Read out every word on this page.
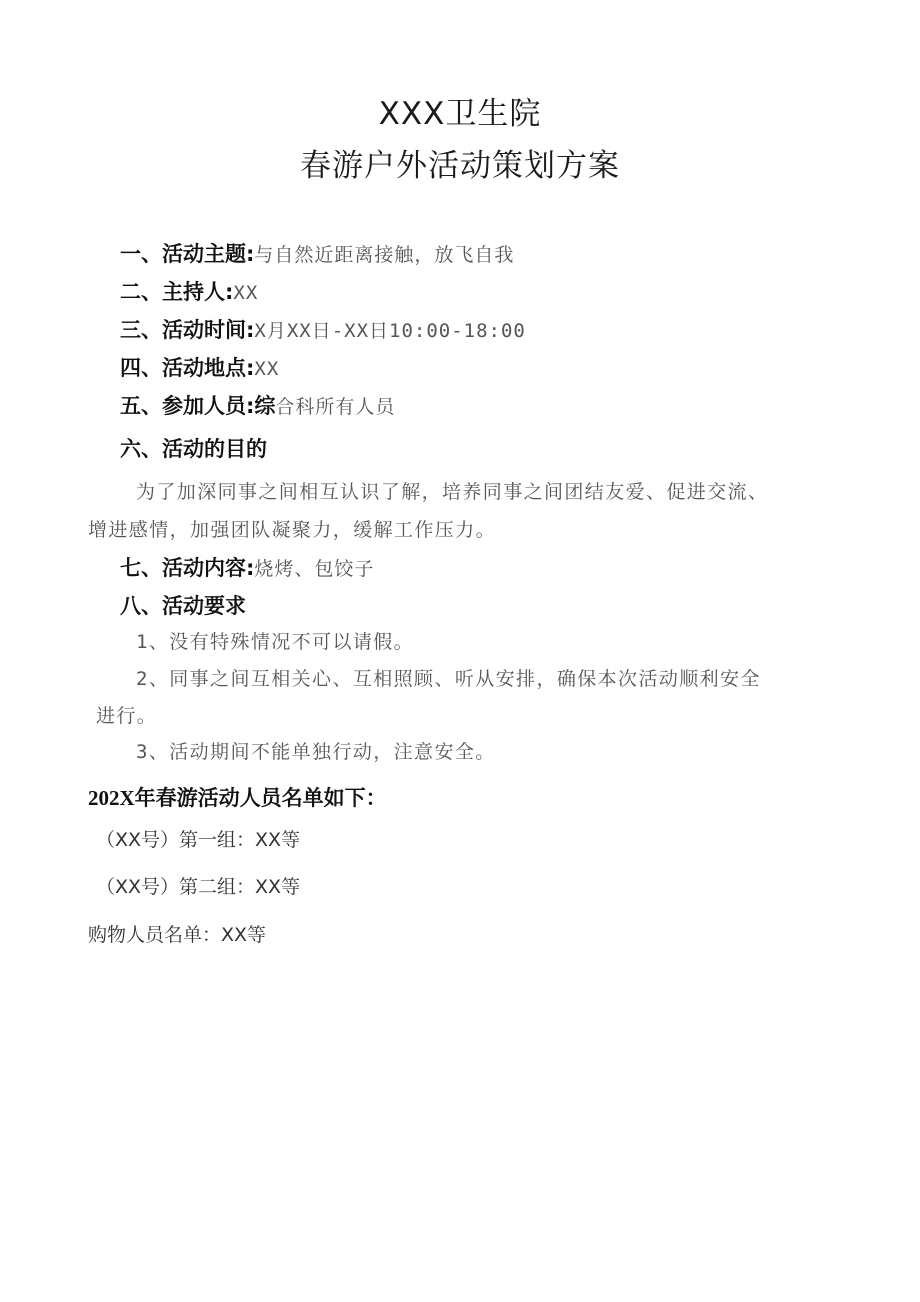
XXX卫生院
春游户外活动策划方案
一、活动主题:与自然近距离接触，放飞自我
二、主持人:XX
三、活动时间:X月XX日-XX日10:00-18:00
四、活动地点:XX
五、参加人员:综合科所有人员
六、活动的目的
为了加深同事之间相互认识了解，培养同事之间团结友爱、促进交流、
增进感情，加强团队凝聚力，缓解工作压力。
七、活动内容:烧烤、包饺子
八、活动要求
1、没有特殊情况不可以请假。
2、同事之间互相关心、互相照顾、听从安排，确保本次活动顺利安全
进行。
3、活动期间不能单独行动，注意安全。
202X年春游活动人员名单如下：
（XX号）第一组：XX等
（XX号）第二组：XX等
购物人员名单：XX等
